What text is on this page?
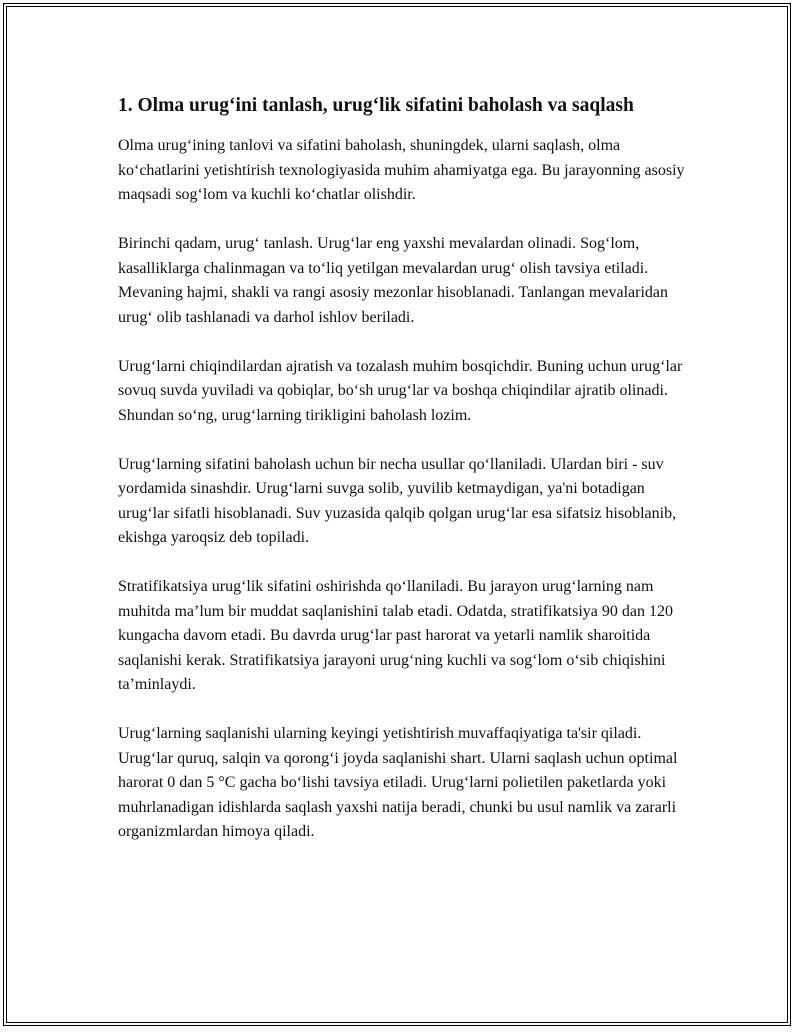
1. Olma urug‘ini tanlash, urug‘lik sifatini baholash va saqlash

Olma urug‘ining tanlovi va sifatini baholash, shuningdek, ularni saqlash, olma ko‘chatlarini yetishtirish texnologiyasida muhim ahamiyatga ega. Bu jarayonning asosiy maqsadi sog‘lom va kuchli ko‘chatlar olishdir.

Birinchi qadam, urug‘ tanlash. Urug‘lar eng yaxshi mevalardan olinadi. Sog‘lom, kasalliklarga chalinmagan va to‘liq yetilgan mevalardan urug‘ olish tavsiya etiladi. Mevaning hajmi, shakli va rangi asosiy mezonlar hisoblanadi. Tanlangan mevalaridan urug‘ olib tashlanadi va darhol ishlov beriladi.

Urug‘larni chiqindilardan ajratish va tozalash muhim bosqichdir. Buning uchun urug‘lar sovuq suvda yuviladi va qobiqlar, bo‘sh urug‘lar va boshqa chiqindilar ajratib olinadi. Shundan so‘ng, urug‘larning tirikligini baholash lozim.

Urug‘larning sifatini baholash uchun bir necha usullar qo‘llaniladi. Ulardan biri - suv yordamida sinashdir. Urug‘larni suvga solib, yuvilib ketmaydigan, ya'ni botadigan urug‘lar sifatli hisoblanadi. Suv yuzasida qalqib qolgan urug‘lar esa sifatsiz hisoblanib, ekishga yaroqsiz deb topiladi.

Stratifikatsiya urug‘lik sifatini oshirishda qo‘llaniladi. Bu jarayon urug‘larning nam muhitda ma’lum bir muddat saqlanishini talab etadi. Odatda, stratifikatsiya 90 dan 120 kungacha davom etadi. Bu davrda urug‘lar past harorat va yetarli namlik sharoitida saqlanishi kerak. Stratifikatsiya jarayoni urug‘ning kuchli va sog‘lom o‘sib chiqishini ta’minlaydi.

Urug‘larning saqlanishi ularning keyingi yetishtirish muvaffaqiyatiga ta'sir qiladi. Urug‘lar quruq, salqin va qorong‘i joyda saqlanishi shart. Ularni saqlash uchun optimal harorat 0 dan 5 °C gacha bo‘lishi tavsiya etiladi. Urug‘larni polietilen paketlarda yoki muhrlanadigan idishlarda saqlash yaxshi natija beradi, chunki bu usul namlik va zararli organizmlardan himoya qiladi.
